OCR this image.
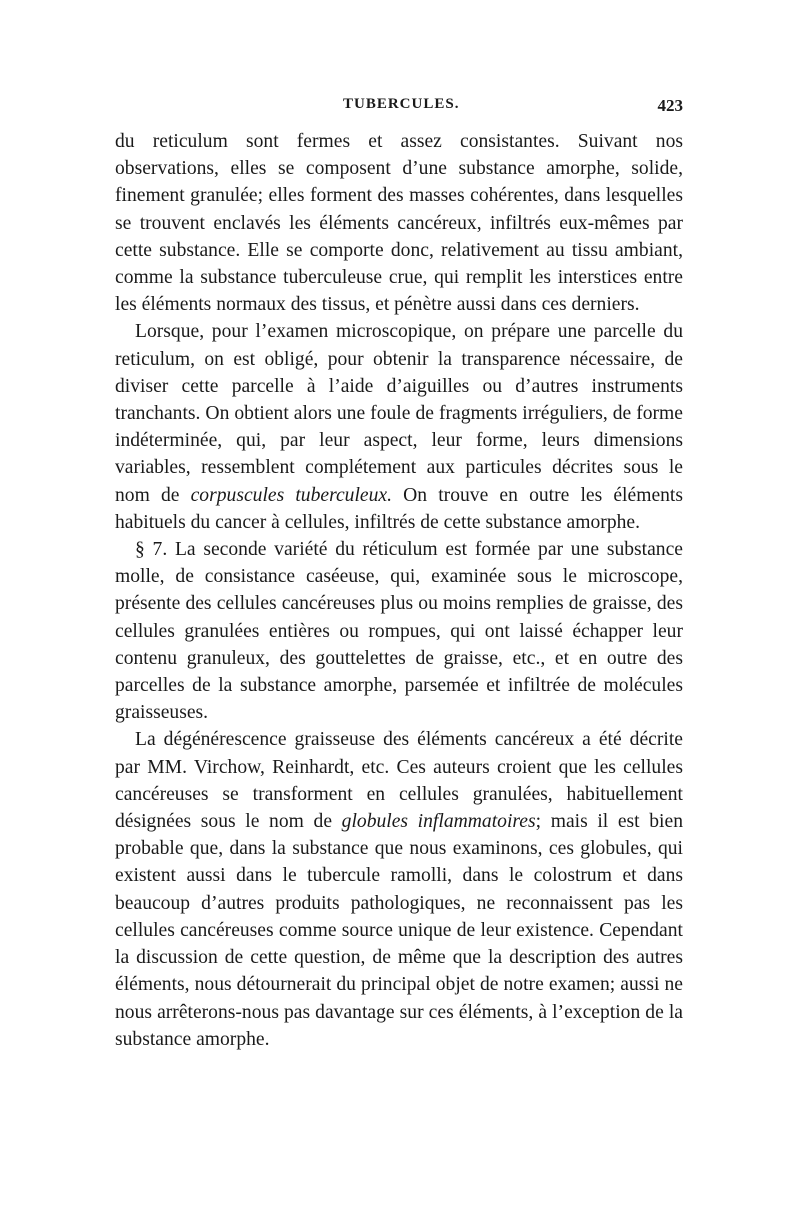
TUBERCULES.	423

du reticulum sont fermes et assez consistantes. Suivant nos observations, elles se composent d’une substance amorphe, solide, finement granulée; elles forment des masses cohérentes, dans lesquelles se trouvent enclavés les éléments cancéreux, infiltrés eux-mêmes par cette substance. Elle se comporte donc, relativement au tissu ambiant, comme la substance tuberculeuse crue, qui remplit les interstices entre les éléments normaux des tissus, et pénètre aussi dans ces derniers.

Lorsque, pour l’examen microscopique, on prépare une parcelle du reticulum, on est obligé, pour obtenir la transparence nécessaire, de diviser cette parcelle à l’aide d’aiguilles ou d’autres instruments tranchants. On obtient alors une foule de fragments irréguliers, de forme indéterminée, qui, par leur aspect, leur forme, leurs dimensions variables, ressemblent complétement aux particules décrites sous le nom de corpuscules tuberculeux. On trouve en outre les éléments habituels du cancer à cellules, infiltrés de cette substance amorphe.

§ 7. La seconde variété du réticulum est formée par une substance molle, de consistance caséeuse, qui, examinée sous le microscope, présente des cellules cancéreuses plus ou moins remplies de graisse, des cellules granulées entières ou rompues, qui ont laissé échapper leur contenu granuleux, des gouttelettes de graisse, etc., et en outre des parcelles de la substance amorphe, parsemée et infiltrée de molécules graisseuses.

La dégénérescence graisseuse des éléments cancéreux a été décrite par MM. Virchow, Reinhardt, etc. Ces auteurs croient que les cellules cancéreuses se transforment en cellules granulées, habituellement désignées sous le nom de globules inflammatoires; mais il est bien probable que, dans la substance que nous examinons, ces globules, qui existent aussi dans le tubercule ramolli, dans le colostrum et dans beaucoup d’autres produits pathologiques, ne reconnaissent pas les cellules cancéreuses comme source unique de leur existence. Cependant la discussion de cette question, de même que la description des autres éléments, nous détournerait du principal objet de notre examen; aussi ne nous arrêterons-nous pas davantage sur ces éléments, à l’exception de la substance amorphe.
